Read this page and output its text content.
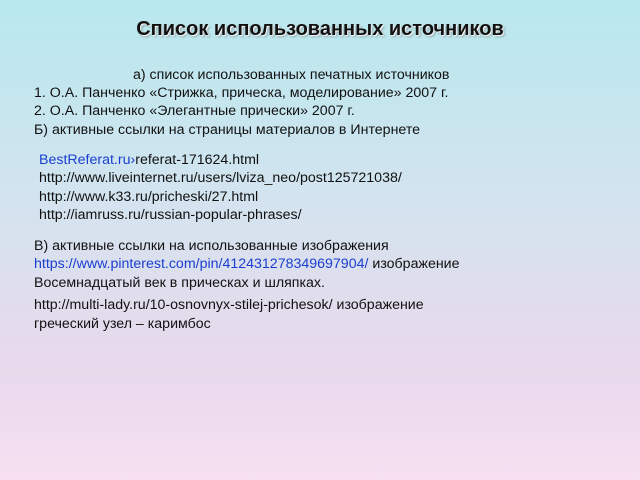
Список использованных источников
а) список использованных печатных источников
1. О.А. Панченко «Стрижка, прическа, моделирование» 2007 г.
2. О.А. Панченко «Элегантные прически» 2007 г.
Б) активные ссылки на страницы материалов в Интернете
BestReferat.ru›referat-171624.html
http://www.liveinternet.ru/users/lviza_neo/post125721038/
http://www.k33.ru/pricheski/27.html
http://iamruss.ru/russian-popular-phrases/
В) активные ссылки на использованные изображения
https://www.pinterest.com/pin/412431278349697904/ изображение
Восемнадцатый век в прическах и шляпках.
http://multi-lady.ru/10-osnovnyx-stilej-prichesok/ изображение
греческий узел – каримбос
